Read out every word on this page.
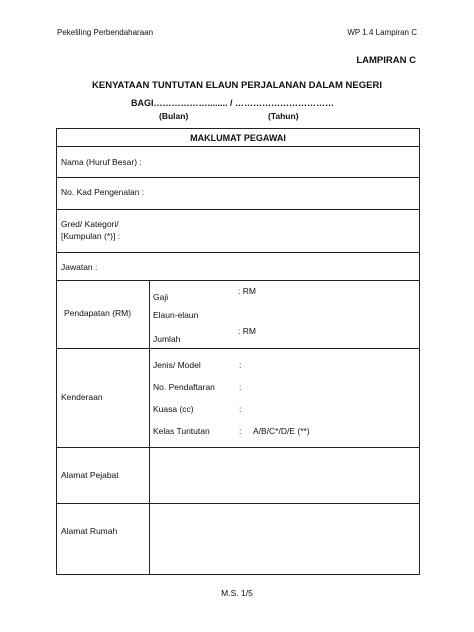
Pekeliling Perbendaharaan	WP 1.4 Lampiran C
LAMPIRAN C
KENYATAAN TUNTUTAN ELAUN PERJALANAN DALAM NEGERI
BAGI………………........ / ……………………………
(Bulan)	(Tahun)
MAKLUMAT PEGAWAI
Nama (Huruf Besar) :
No. Kad Pengenalan :
Gred/ Kategori/
[Kumpulan (*)] :
Jawatan :
Pendapatan (RM)
Gaji
Elaun-elaun
Jumlah
: RM
: RM
Kenderaan
Jenis/ Model
No. Pendaftaran
Kuasa (cc)
Kelas Tuntutan
:
:
:
: A/B/C*/D/E (**)
Alamat Pejabat
Alamat Rumah
M.S. 1/5
